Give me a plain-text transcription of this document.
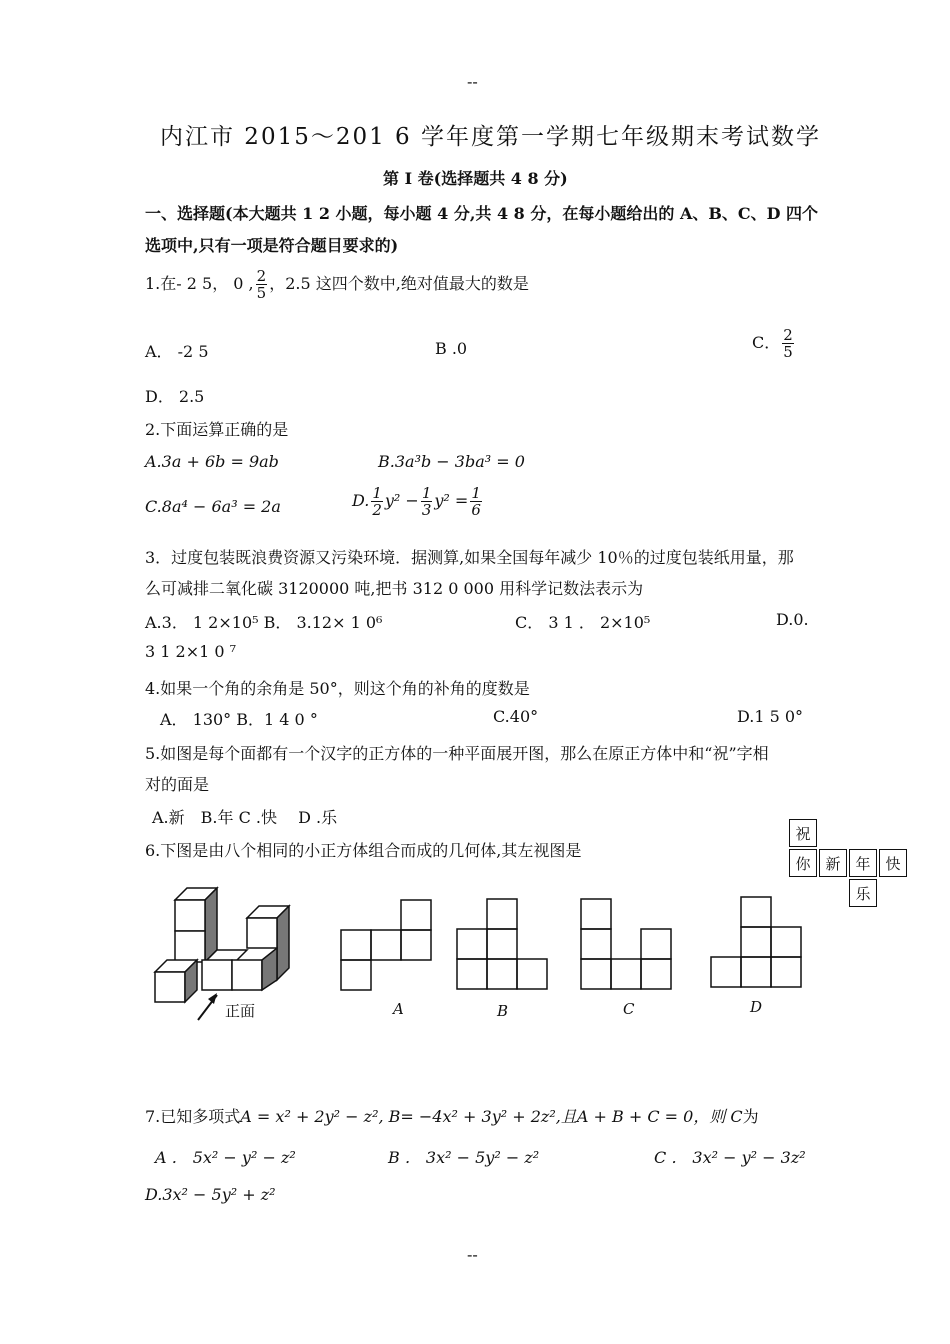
--
内江市 2015～201 6 学年度第一学期七年级期末考试数学
第 I 卷(选择题共 4 8 分)
一、选择题(本大题共 1 2 小题，每小题 4 分,共 4 8 分，在每小题给出的 A、B、C、D 四个
选项中,只有一项是符合题目要求的)
1.在- 2 5， 0 , $\frac{2}{5}$ ，2.5 这四个数中,绝对值最大的数是
A． -2 5	B .0	C． $\frac{2}{5}$
D． 2.5
2.下面运算正确的是
A.3a + 6b = 9ab	B.3a³b − 3ba³ = 0
C.8a⁴ − 6a³ = 2a	D. $\frac{1}{2} y^2 - \frac{1}{3} y^2 = \frac{1}{6}$
3．过度包装既浪费资源又污染环境．据测算,如果全国每年减少 10％的过度包装纸用量，那
么可减排二氧化碳 3120000 吨,把书 312 0 000 用科学记数法表示为
A.3． 1 2×10⁵ B． 3.12× 1 0⁶	C． 3 1 ． 2×10⁵	D.0.
3 1 2×1 0 ⁷
4.如果一个角的余角是 50°，则这个角的补角的度数是
A． 130° B．1 4 0 °	C.40°	D.1 5 0°
5.如图是每个面都有一个汉字的正方体的一种平面展开图，那么在原正方体中和“祝”字相
对的面是
A.新　B.年 C .快　 D .乐
祝
你 新 年 快
乐
6.下图是由八个相同的小正方体组合而成的几何体,其左视图是
正面	A	B	C	D
7.已知多项式A = x² + 2y² − z², B= −4x² + 3y² + 2z²,且A + B + C = 0，则 C为
A ． 5x² − y² − z²	B ． 3x² − 5y² − z²	C ． 3x² − y² − 3z²
D.3x² − 5y² + z²
--
